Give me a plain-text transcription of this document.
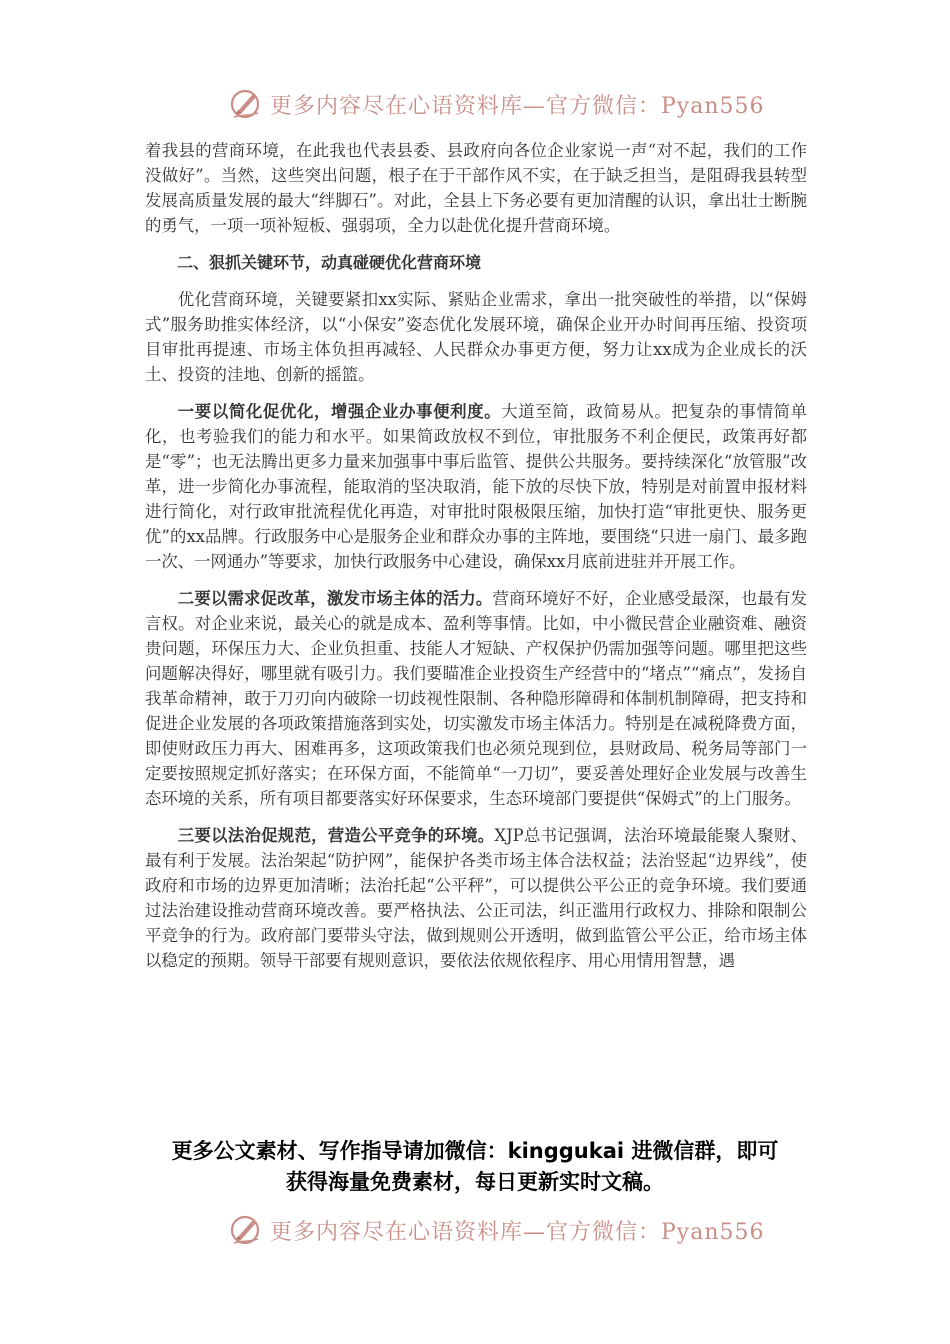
更多内容尽在心语资料库—官方微信：Pyan556

着我县的营商环境，在此我也代表县委、县政府向各位企业家说一声“对不起，我们的工作没做好”。当然，这些突出问题，根子在于干部作风不实，在于缺乏担当，是阻碍我县转型发展高质量发展的最大“绊脚石”。对此，全县上下务必要有更加清醒的认识，拿出壮士断腕的勇气，一项一项补短板、强弱项，全力以赴优化提升营商环境。

二、狠抓关键环节，动真碰硬优化营商环境

优化营商环境，关键要紧扣xx实际、紧贴企业需求，拿出一批突破性的举措，以“保姆式”服务助推实体经济，以“小保安”姿态优化发展环境，确保企业开办时间再压缩、投资项目审批再提速、市场主体负担再减轻、人民群众办事更方便，努力让xx成为企业成长的沃土、投资的洼地、创新的摇篮。

一要以简化促优化，增强企业办事便利度。大道至简，政简易从。把复杂的事情简单化，也考验我们的能力和水平。如果简政放权不到位，审批服务不利企便民，政策再好都是“零”；也无法腾出更多力量来加强事中事后监管、提供公共服务。要持续深化“放管服”改革，进一步简化办事流程，能取消的坚决取消，能下放的尽快下放，特别是对前置申报材料进行简化，对行政审批流程优化再造，对审批时限极限压缩，加快打造“审批更快、服务更优”的xx品牌。行政服务中心是服务企业和群众办事的主阵地，要围绕“只进一扇门、最多跑一次、一网通办”等要求，加快行政服务中心建设，确保xx月底前进驻并开展工作。

二要以需求促改革，激发市场主体的活力。营商环境好不好，企业感受最深，也最有发言权。对企业来说，最关心的就是成本、盈利等事情。比如，中小微民营企业融资难、融资贵问题，环保压力大、企业负担重、技能人才短缺、产权保护仍需加强等问题。哪里把这些问题解决得好，哪里就有吸引力。我们要瞄准企业投资生产经营中的“堵点”“痛点”，发扬自我革命精神，敢于刀刃向内破除一切歧视性限制、各种隐形障碍和体制机制障碍，把支持和促进企业发展的各项政策措施落到实处，切实激发市场主体活力。特别是在减税降费方面，即使财政压力再大、困难再多，这项政策我们也必须兑现到位，县财政局、税务局等部门一定要按照规定抓好落实；在环保方面，不能简单“一刀切”，要妥善处理好企业发展与改善生态环境的关系，所有项目都要落实好环保要求，生态环境部门要提供“保姆式”的上门服务。

三要以法治促规范，营造公平竞争的环境。XJP总书记强调，法治环境最能聚人聚财、最有利于发展。法治架起“防护网”，能保护各类市场主体合法权益；法治竖起“边界线”，使政府和市场的边界更加清晰；法治托起“公平秤”，可以提供公平公正的竞争环境。我们要通过法治建设推动营商环境改善。要严格执法、公正司法，纠正滥用行政权力、排除和限制公平竞争的行为。政府部门要带头守法，做到规则公开透明，做到监管公平公正，给市场主体以稳定的预期。领导干部要有规则意识，要依法依规依程序、用心用情用智慧，遇

更多公文素材、写作指导请加微信：kinggukai 进微信群，即可
获得海量免费素材，每日更新实时文稿。
更多内容尽在心语资料库—官方微信：Pyan556
